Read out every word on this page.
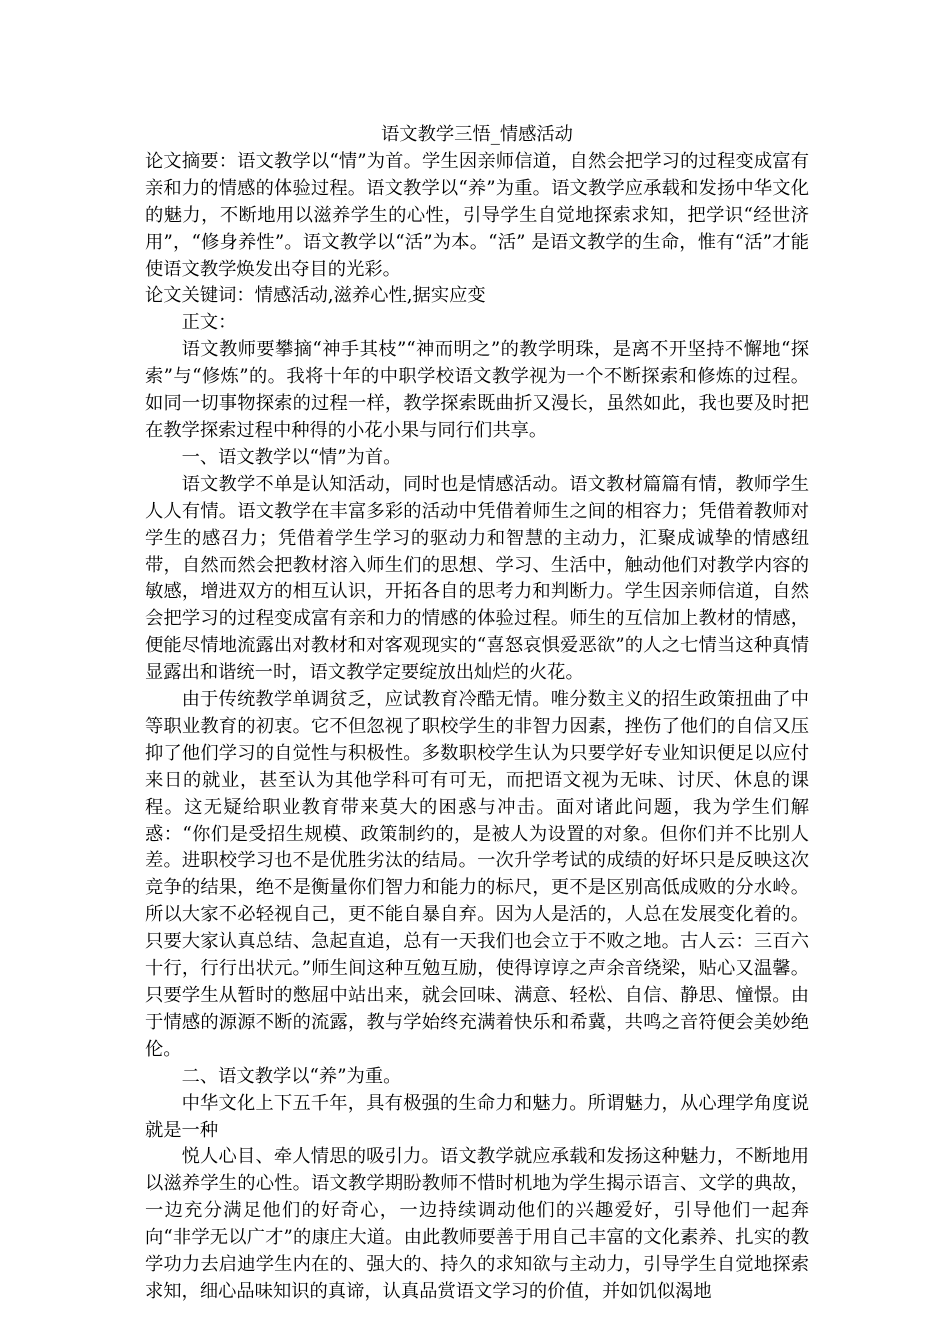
语文教学三悟_情感活动

论文摘要：语文教学以“情”为首。学生因亲师信道，自然会把学习的过程变成富有亲和力的情感的体验过程。语文教学以“养”为重。语文教学应承载和发扬中华文化的魅力，不断地用以滋养学生的心性，引导学生自觉地探索求知，把学识“经世济用”，“修身养性”。语文教学以“活”为本。“活” 是语文教学的生命，惟有“活”才能使语文教学焕发出夺目的光彩。

论文关键词：情感活动,滋养心性,据实应变

正文：

语文教师要攀摘“神手其枝”“神而明之”的教学明珠，是离不开坚持不懈地“探索”与“修炼”的。我将十年的中职学校语文教学视为一个不断探索和修炼的过程。如同一切事物探索的过程一样，教学探索既曲折又漫长，虽然如此，我也要及时把在教学探索过程中种得的小花小果与同行们共享。

一、语文教学以“情”为首。

语文教学不单是认知活动，同时也是情感活动。语文教材篇篇有情，教师学生人人有情。语文教学在丰富多彩的活动中凭借着师生之间的相容力；凭借着教师对学生的感召力；凭借着学生学习的驱动力和智慧的主动力，汇聚成诚挚的情感纽带，自然而然会把教材溶入师生们的思想、学习、生活中，触动他们对教学内容的敏感，增进双方的相互认识，开拓各自的思考力和判断力。学生因亲师信道，自然会把学习的过程变成富有亲和力的情感的体验过程。师生的互信加上教材的情感，便能尽情地流露出对教材和对客观现实的“喜怒哀惧爱恶欲”的人之七情当这种真情显露出和谐统一时，语文教学定要绽放出灿烂的火花。

由于传统教学单调贫乏，应试教育冷酷无情。唯分数主义的招生政策扭曲了中等职业教育的初衷。它不但忽视了职校学生的非智力因素，挫伤了他们的自信又压抑了他们学习的自觉性与积极性。多数职校学生认为只要学好专业知识便足以应付来日的就业，甚至认为其他学科可有可无，而把语文视为无味、讨厌、休息的课程。这无疑给职业教育带来莫大的困惑与冲击。面对诸此问题，我为学生们解惑：“你们是受招生规模、政策制约的，是被人为设置的对象。但你们并不比别人差。进职校学习也不是优胜劣汰的结局。一次升学考试的成绩的好坏只是反映这次竞争的结果，绝不是衡量你们智力和能力的标尺，更不是区别高低成败的分水岭。所以大家不必轻视自己，更不能自暴自弃。因为人是活的，人总在发展变化着的。只要大家认真总结、急起直追，总有一天我们也会立于不败之地。古人云：三百六十行，行行出状元。”师生间这种互勉互励，使得谆谆之声余音绕梁，贴心又温馨。只要学生从暂时的憋屈中站出来，就会回味、满意、轻松、自信、静思、憧憬。由于情感的源源不断的流露，教与学始终充满着快乐和希冀，共鸣之音符便会美妙绝伦。

二、语文教学以“养”为重。

中华文化上下五千年，具有极强的生命力和魅力。所谓魅力，从心理学角度说就是一种

悦人心目、牵人情思的吸引力。语文教学就应承载和发扬这种魅力，不断地用以滋养学生的心性。语文教学期盼教师不惜时机地为学生揭示语言、文学的典故，一边充分满足他们的好奇心，一边持续调动他们的兴趣爱好，引导他们一起奔向“非学无以广才”的康庄大道。由此教师要善于用自己丰富的文化素养、扎实的教学功力去启迪学生内在的、强大的、持久的求知欲与主动力，引导学生自觉地探索求知，细心品味知识的真谛，认真品赏语文学习的价值，并如饥似渴地
